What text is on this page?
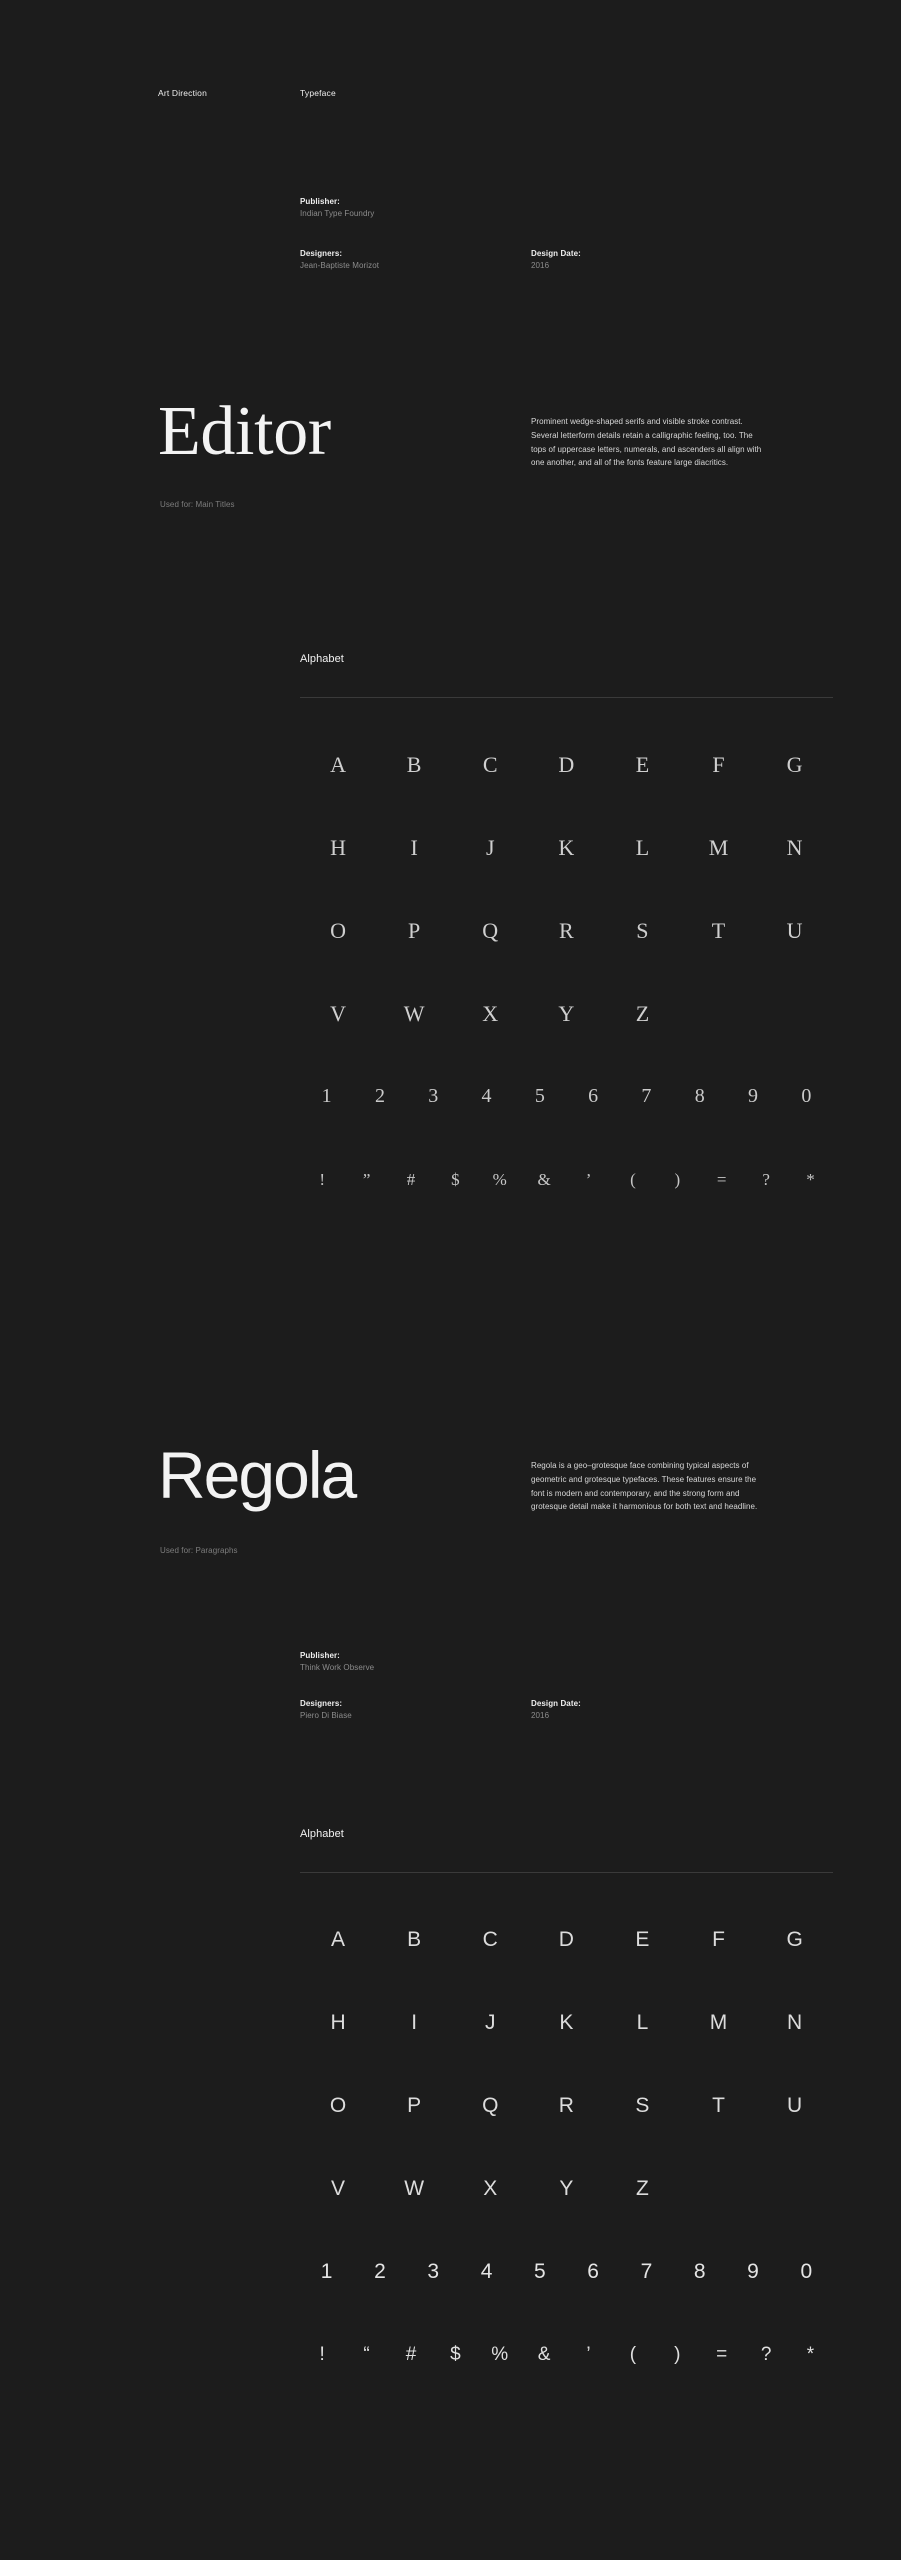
Art Direction	Typeface
Publisher:
Indian Type Foundry
Designers:
Jean-Baptiste Morizot
Design Date:
2016
Editor
Used for: Main Titles
Prominent wedge-shaped serifs and visible stroke contrast. Several letterform details retain a calligraphic feeling, too. The tops of uppercase letters, numerals, and ascenders all align with one another, and all of the fonts feature large diacritics.
Alphabet
A	B	C	D	E	F	G
H	I	J	K	L	M	N
O	P	Q	R	S	T	U
V	W	X	Y	Z
1	2	3	4	5	6	7	8	9	0
!	”	#	$	%	&	’	(	)	=	?	*
Regola
Used for: Paragraphs
Regola is a geo–grotesque face combining typical aspects of geometric and grotesque typefaces. These features ensure the font is modern and contemporary, and the strong form and grotesque detail make it harmonious for both text and headline.
Publisher:
Think Work Observe
Designers:
Piero Di Biase
Design Date:
2016
Alphabet
A	B	C	D	E	F	G
H	I	J	K	L	M	N
O	P	Q	R	S	T	U
V	W	X	Y	Z
1	2	3	4	5	6	7	8	9	0
!	“	#	$	%	&	’	(	)	=	?	*
